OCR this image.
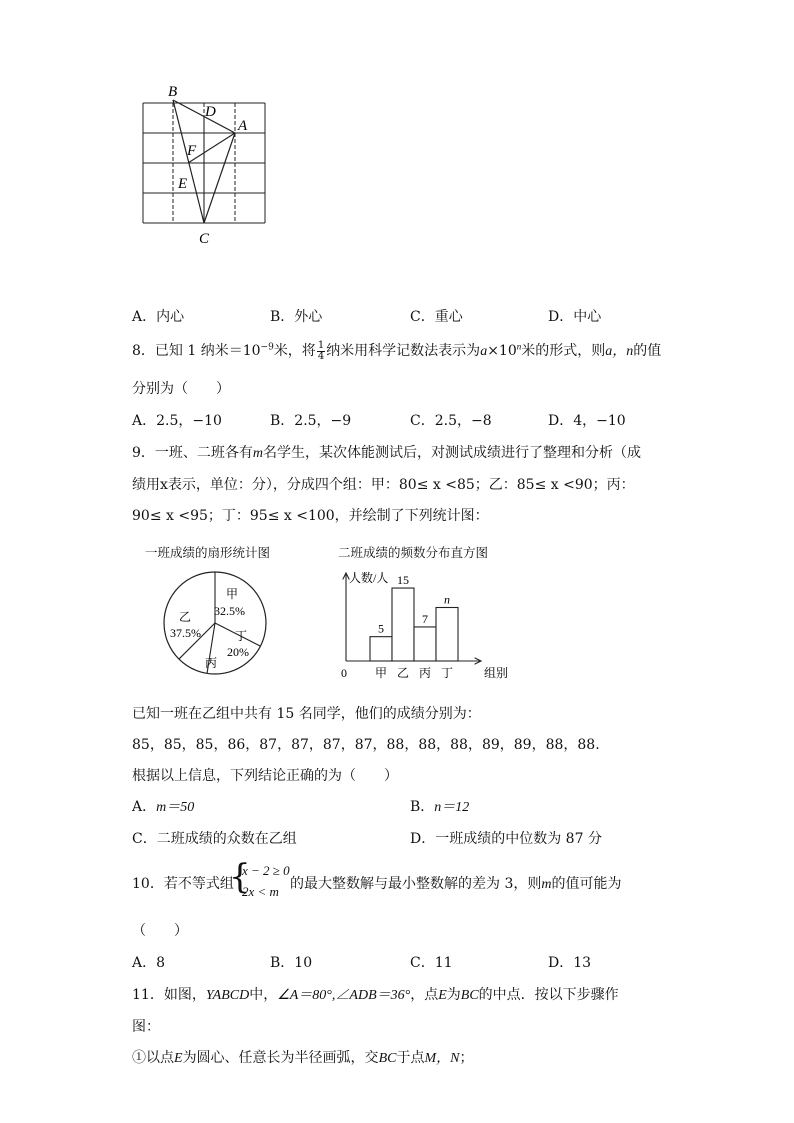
B
D
A
F
E
C
A．内心	B．外心	C．重心	D．中心
8．已知 1 纳米$=10^{-9}$米，将 $\frac{1}{4}$ 纳米用科学记数法表示为$a\times 10^n$米的形式，则a，n的值
分别为（　　）
A．2.5，−10	B．2.5，−9	C．2.5，−8	D．4，−10
9．一班、二班各有m名学生，某次体能测试后，对测试成绩进行了整理和分析（成
绩用x表示，单位：分），分成四个组：甲：80≤ x <85；乙：85≤ x <90；丙：
90≤ x <95；丁：95≤ x <100，并绘制了下列统计图：
一班成绩的扇形统计图
甲
32.5%
乙
37.5%	丁
20%
丙
二班成绩的频数分布直方图
人数/人
0	组别
5
甲
15
乙
7
丙
n
丁
已知一班在乙组中共有 15 名同学，他们的成绩分别为：
85，85，85，86，87，87，87，87，88，88，88，89，89，88，88.
根据以上信息，下列结论正确的为（　　）
A．m＝50	B．n＝12
C．二班成绩的众数在乙组	D．一班成绩的中位数为 87 分
10．若不等式组
{
x − 2 ≥ 0
2x < m 的最大整数解与最小整数解的差为 3，则m的值可能为
（　　）
A．8	B．10	C．11	D．13
11．如图，YABCD中，∠A＝80°,∠ADB＝36°，点E为BC的中点．按以下步骤作
图：
①以点E为圆心、任意长为半径画弧，交BC于点M，N；
